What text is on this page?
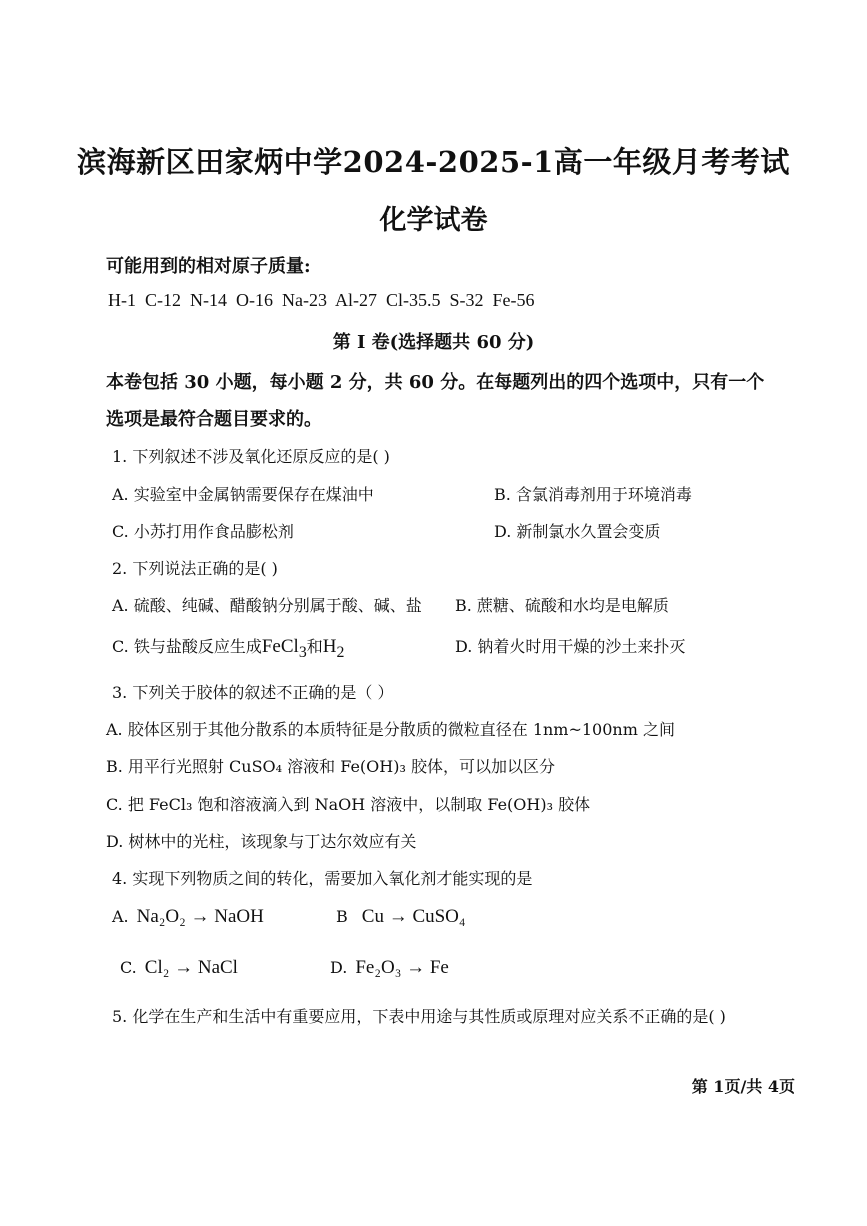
滨海新区田家炳中学2024-2025-1高一年级月考考试
化学试卷
可能用到的相对原子质量:
H-1  C-12  N-14  O-16  Na-23  Al-27  Cl-35.5  S-32  Fe-56
第 I 卷(选择题共 60 分)
本卷包括 30 小题，每小题 2 分，共 60 分。在每题列出的四个选项中，只有一个
选项是最符合题目要求的。
1. 下列叙述不涉及氧化还原反应的是( )
A. 实验室中金属钠需要保存在煤油中	B. 含氯消毒剂用于环境消毒
C. 小苏打用作食品膨松剂	D. 新制氯水久置会变质
2. 下列说法正确的是( )
A. 硫酸、纯碱、醋酸钠分别属于酸、碱、盐 B. 蔗糖、硫酸和水均是电解质
C. 铁与盐酸反应生成FeCl$_3$和$H_2$	D. 钠着火时用干燥的沙土来扑灭
3. 下列关于胶体的叙述不正确的是（ ）
A. 胶体区别于其他分散系的本质特征是分散质的微粒直径在 1nm~100nm 之间
B. 用平行光照射 CuSO₄ 溶液和 Fe(OH)₃ 胶体，可以加以区分
C. 把 FeCl₃ 饱和溶液滴入到 NaOH 溶液中，以制取 Fe(OH)₃ 胶体
D. 树林中的光柱，该现象与丁达尔效应有关
4. 实现下列物质之间的转化，需要加入氧化剂才能实现的是
A. Na₂O₂ → NaOH	B Cu → CuSO₄
C. Cl₂ → NaCl	D. Fe₂O₃ → Fe
5. 化学在生产和生活中有重要应用，下表中用途与其性质或原理对应关系不正确的是( )
第 1页/共 4页
